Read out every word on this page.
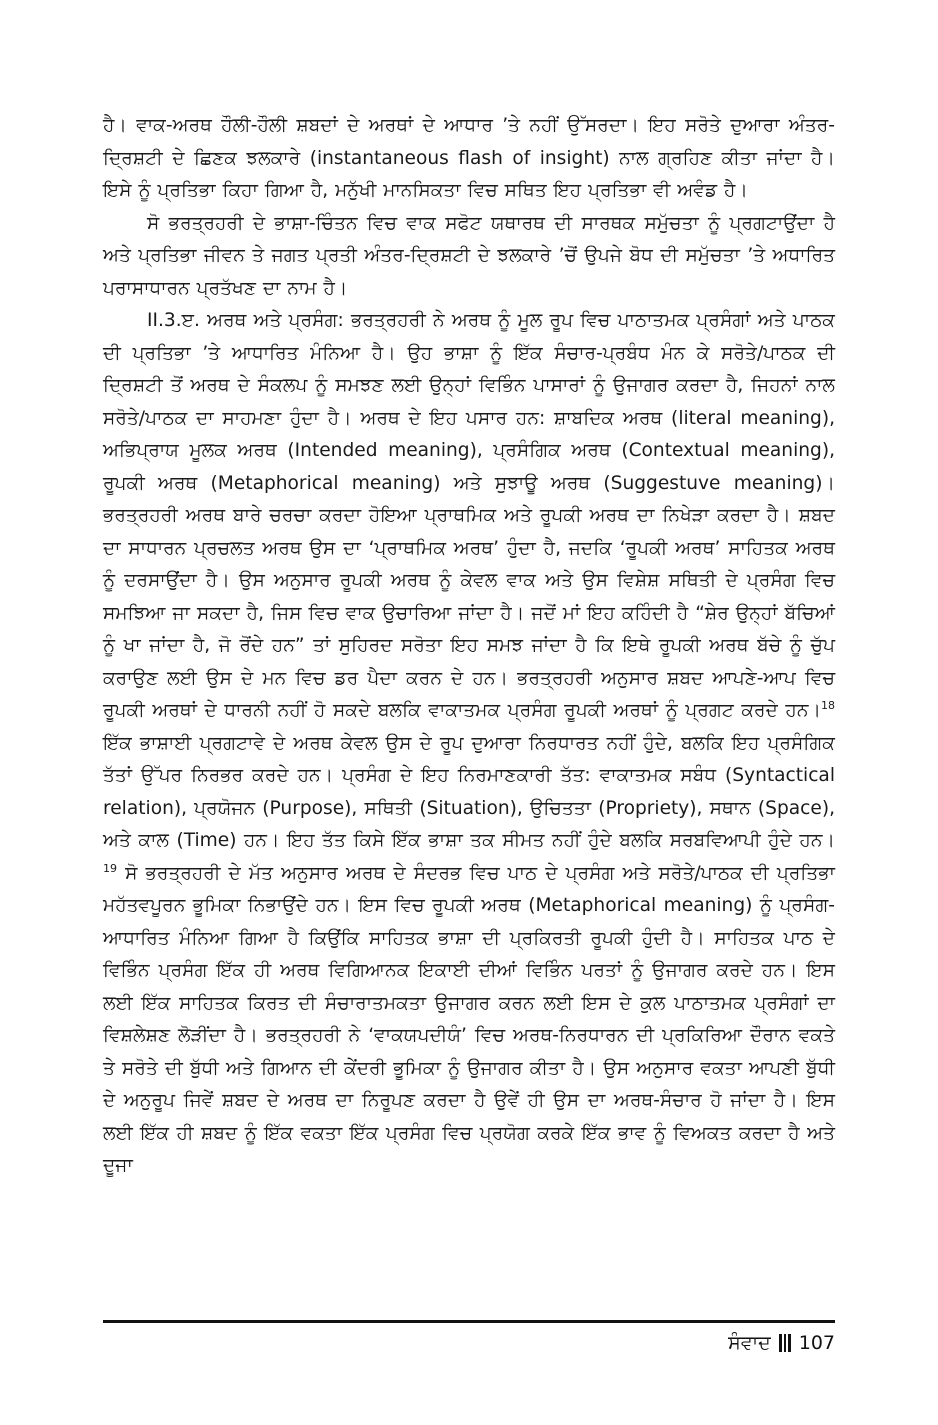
ਹੈ। ਵਾਕ-ਅਰਥ ਹੌਲੀ-ਹੌਲੀ ਸ਼ਬਦਾਂ ਦੇ ਅਰਥਾਂ ਦੇ ਆਧਾਰ ’ਤੇ ਨਹੀਂ ਉੱਸਰਦਾ। ਇਹ ਸਰੋਤੇ ਦੁਆਰਾ ਅੰਤਰ-ਦ੍ਰਿਸ਼ਟੀ ਦੇ ਛਿਣਕ ਝਲਕਾਰੇ (instantaneous flash of insight) ਨਾਲ ਗ੍ਰਹਿਣ ਕੀਤਾ ਜਾਂਦਾ ਹੈ। ਇਸੇ ਨੂੰ ਪ੍ਰਤਿਭਾ ਕਿਹਾ ਗਿਆ ਹੈ, ਮਨੁੱਖੀ ਮਾਨਸਿਕਤਾ ਵਿਚ ਸਥਿਤ ਇਹ ਪ੍ਰਤਿਭਾ ਵੀ ਅਵੰਡ ਹੈ।

ਸੋ ਭਰਤ੍ਰਹਰੀ ਦੇ ਭਾਸ਼ਾ-ਚਿੰਤਨ ਵਿਚ ਵਾਕ ਸਫੋਟ ਯਥਾਰਥ ਦੀ ਸਾਰਥਕ ਸਮੁੱਚਤਾ ਨੂੰ ਪ੍ਰਗਟਾਉਂਦਾ ਹੈ ਅਤੇ ਪ੍ਰਤਿਭਾ ਜੀਵਨ ਤੇ ਜਗਤ ਪ੍ਰਤੀ ਅੰਤਰ-ਦ੍ਰਿਸ਼ਟੀ ਦੇ ਝਲਕਾਰੇ ’ਚੋਂ ਉਪਜੇ ਬੋਧ ਦੀ ਸਮੁੱਚਤਾ ’ਤੇ ਅਧਾਰਿਤ ਪਰਾਸਾਧਾਰਨ ਪ੍ਰਤੱਖਣ ਦਾ ਨਾਮ ਹੈ।

II.3.ੲ. ਅਰਥ ਅਤੇ ਪ੍ਰਸੰਗ: ਭਰਤ੍ਰਹਰੀ ਨੇ ਅਰਥ ਨੂੰ ਮੂਲ ਰੂਪ ਵਿਚ ਪਾਠਾਤਮਕ ਪ੍ਰਸੰਗਾਂ ਅਤੇ ਪਾਠਕ ਦੀ ਪ੍ਰਤਿਭਾ ’ਤੇ ਆਧਾਰਿਤ ਮੰਨਿਆ ਹੈ। ਉਹ ਭਾਸ਼ਾ ਨੂੰ ਇੱਕ ਸੰਚਾਰ-ਪ੍ਰਬੰਧ ਮੰਨ ਕੇ ਸਰੋਤੇ/ਪਾਠਕ ਦੀ ਦ੍ਰਿਸ਼ਟੀ ਤੋਂ ਅਰਥ ਦੇ ਸੰਕਲਪ ਨੂੰ ਸਮਝਣ ਲਈ ਉਨ੍ਹਾਂ ਵਿਭਿੰਨ ਪਾਸਾਰਾਂ ਨੂੰ ਉਜਾਗਰ ਕਰਦਾ ਹੈ, ਜਿਹਨਾਂ ਨਾਲ ਸਰੋਤੇ/ਪਾਠਕ ਦਾ ਸਾਹਮਣਾ ਹੁੰਦਾ ਹੈ। ਅਰਥ ਦੇ ਇਹ ਪਸਾਰ ਹਨ: ਸ਼ਾਬਦਿਕ ਅਰਥ (literal meaning), ਅਭਿਪ੍ਰਾਯ ਮੂਲਕ ਅਰਥ (Intended meaning), ਪ੍ਰਸੰਗਿਕ ਅਰਥ (Contextual meaning), ਰੂਪਕੀ ਅਰਥ (Metaphorical meaning) ਅਤੇ ਸੁਝਾਊ ਅਰਥ (Suggestuve meaning)। ਭਰਤ੍ਰਹਰੀ ਅਰਥ ਬਾਰੇ ਚਰਚਾ ਕਰਦਾ ਹੋਇਆ ਪ੍ਰਾਥਮਿਕ ਅਤੇ ਰੂਪਕੀ ਅਰਥ ਦਾ ਨਿਖੇੜਾ ਕਰਦਾ ਹੈ। ਸ਼ਬਦ ਦਾ ਸਾਧਾਰਨ ਪ੍ਰਚਲਤ ਅਰਥ ਉਸ ਦਾ ‘ਪ੍ਰਾਥਮਿਕ ਅਰਥ’ ਹੁੰਦਾ ਹੈ, ਜਦਕਿ ‘ਰੂਪਕੀ ਅਰਥ’ ਸਾਹਿਤਕ ਅਰਥ ਨੂੰ ਦਰਸਾਉਂਦਾ ਹੈ। ਉਸ ਅਨੁਸਾਰ ਰੂਪਕੀ ਅਰਥ ਨੂੰ ਕੇਵਲ ਵਾਕ ਅਤੇ ਉਸ ਵਿਸ਼ੇਸ਼ ਸਥਿਤੀ ਦੇ ਪ੍ਰਸੰਗ ਵਿਚ ਸਮਝਿਆ ਜਾ ਸਕਦਾ ਹੈ, ਜਿਸ ਵਿਚ ਵਾਕ ਉਚਾਰਿਆ ਜਾਂਦਾ ਹੈ। ਜਦੋਂ ਮਾਂ ਇਹ ਕਹਿੰਦੀ ਹੈ “ਸ਼ੇਰ ਉਨ੍ਹਾਂ ਬੱਚਿਆਂ ਨੂੰ ਖਾ ਜਾਂਦਾ ਹੈ, ਜੋ ਰੋਂਦੇ ਹਨ” ਤਾਂ ਸੁਹਿਰਦ ਸਰੋਤਾ ਇਹ ਸਮਝ ਜਾਂਦਾ ਹੈ ਕਿ ਇਥੇ ਰੂਪਕੀ ਅਰਥ ਬੱਚੇ ਨੂੰ ਚੁੱਪ ਕਰਾਉਣ ਲਈ ਉਸ ਦੇ ਮਨ ਵਿਚ ਡਰ ਪੈਦਾ ਕਰਨ ਦੇ ਹਨ। ਭਰਤ੍ਰਹਰੀ ਅਨੁਸਾਰ ਸ਼ਬਦ ਆਪਣੇ-ਆਪ ਵਿਚ ਰੂਪਕੀ ਅਰਥਾਂ ਦੇ ਧਾਰਨੀ ਨਹੀਂ ਹੋ ਸਕਦੇ ਬਲਕਿ ਵਾਕਾਤਮਕ ਪ੍ਰਸੰਗ ਰੂਪਕੀ ਅਰਥਾਂ ਨੂੰ ਪ੍ਰਗਟ ਕਰਦੇ ਹਨ।$^{18}$ ਇੱਕ ਭਾਸ਼ਾਈ ਪ੍ਰਗਟਾਵੇ ਦੇ ਅਰਥ ਕੇਵਲ ਉਸ ਦੇ ਰੂਪ ਦੁਆਰਾ ਨਿਰਧਾਰਤ ਨਹੀਂ ਹੁੰਦੇ, ਬਲਕਿ ਇਹ ਪ੍ਰਸੰਗਿਕ ਤੱਤਾਂ ਉੱਪਰ ਨਿਰਭਰ ਕਰਦੇ ਹਨ। ਪ੍ਰਸੰਗ ਦੇ ਇਹ ਨਿਰਮਾਣਕਾਰੀ ਤੱਤ: ਵਾਕਾਤਮਕ ਸਬੰਧ (Syntactical relation), ਪ੍ਰਯੋਜਨ (Purpose), ਸਥਿਤੀ (Situation), ਉਚਿਤਤਾ (Propriety), ਸਥਾਨ (Space), ਅਤੇ ਕਾਲ (Time) ਹਨ। ਇਹ ਤੱਤ ਕਿਸੇ ਇੱਕ ਭਾਸ਼ਾ ਤਕ ਸੀਮਤ ਨਹੀਂ ਹੁੰਦੇ ਬਲਕਿ ਸਰਬਵਿਆਪੀ ਹੁੰਦੇ ਹਨ।$^{19}$ ਸੋ ਭਰਤ੍ਰਹਰੀ ਦੇ ਮੱਤ ਅਨੁਸਾਰ ਅਰਥ ਦੇ ਸੰਦਰਭ ਵਿਚ ਪਾਠ ਦੇ ਪ੍ਰਸੰਗ ਅਤੇ ਸਰੋਤੇ/ਪਾਠਕ ਦੀ ਪ੍ਰਤਿਭਾ ਮਹੱਤਵਪੂਰਨ ਭੂਮਿਕਾ ਨਿਭਾਉਂਦੇ ਹਨ। ਇਸ ਵਿਚ ਰੂਪਕੀ ਅਰਥ (Metaphorical meaning) ਨੂੰ ਪ੍ਰਸੰਗ-ਆਧਾਰਿਤ ਮੰਨਿਆ ਗਿਆ ਹੈ ਕਿਉਂਕਿ ਸਾਹਿਤਕ ਭਾਸ਼ਾ ਦੀ ਪ੍ਰਕਿਰਤੀ ਰੂਪਕੀ ਹੁੰਦੀ ਹੈ। ਸਾਹਿਤਕ ਪਾਠ ਦੇ ਵਿਭਿੰਨ ਪ੍ਰਸੰਗ ਇੱਕ ਹੀ ਅਰਥ ਵਿਗਿਆਨਕ ਇਕਾਈ ਦੀਆਂ ਵਿਭਿੰਨ ਪਰਤਾਂ ਨੂੰ ਉਜਾਗਰ ਕਰਦੇ ਹਨ। ਇਸ ਲਈ ਇੱਕ ਸਾਹਿਤਕ ਕਿਰਤ ਦੀ ਸੰਚਾਰਾਤਮਕਤਾ ਉਜਾਗਰ ਕਰਨ ਲਈ ਇਸ ਦੇ ਕੁਲ ਪਾਠਾਤਮਕ ਪ੍ਰਸੰਗਾਂ ਦਾ ਵਿਸ਼ਲੇਸ਼ਣ ਲੋੜੀਂਦਾ ਹੈ। ਭਰਤ੍ਰਹਰੀ ਨੇ ‘ਵਾਕਯਪਦੀਯੰ’ ਵਿਚ ਅਰਥ-ਨਿਰਧਾਰਨ ਦੀ ਪ੍ਰਕਿਰਿਆ ਦੌਰਾਨ ਵਕਤੇ ਤੇ ਸਰੋਤੇ ਦੀ ਬੁੱਧੀ ਅਤੇ ਗਿਆਨ ਦੀ ਕੇਂਦਰੀ ਭੂਮਿਕਾ ਨੂੰ ਉਜਾਗਰ ਕੀਤਾ ਹੈ। ਉਸ ਅਨੁਸਾਰ ਵਕਤਾ ਆਪਣੀ ਬੁੱਧੀ ਦੇ ਅਨੁਰੂਪ ਜਿਵੇਂ ਸ਼ਬਦ ਦੇ ਅਰਥ ਦਾ ਨਿਰੂਪਣ ਕਰਦਾ ਹੈ ਉਵੇਂ ਹੀ ਉਸ ਦਾ ਅਰਥ-ਸੰਚਾਰ ਹੋ ਜਾਂਦਾ ਹੈ। ਇਸ ਲਈ ਇੱਕ ਹੀ ਸ਼ਬਦ ਨੂੰ ਇੱਕ ਵਕਤਾ ਇੱਕ ਪ੍ਰਸੰਗ ਵਿਚ ਪ੍ਰਯੋਗ ਕਰਕੇ ਇੱਕ ਭਾਵ ਨੂੰ ਵਿਅਕਤ ਕਰਦਾ ਹੈ ਅਤੇ ਦੂਜਾ

ਸੰਵਾਦ 107
